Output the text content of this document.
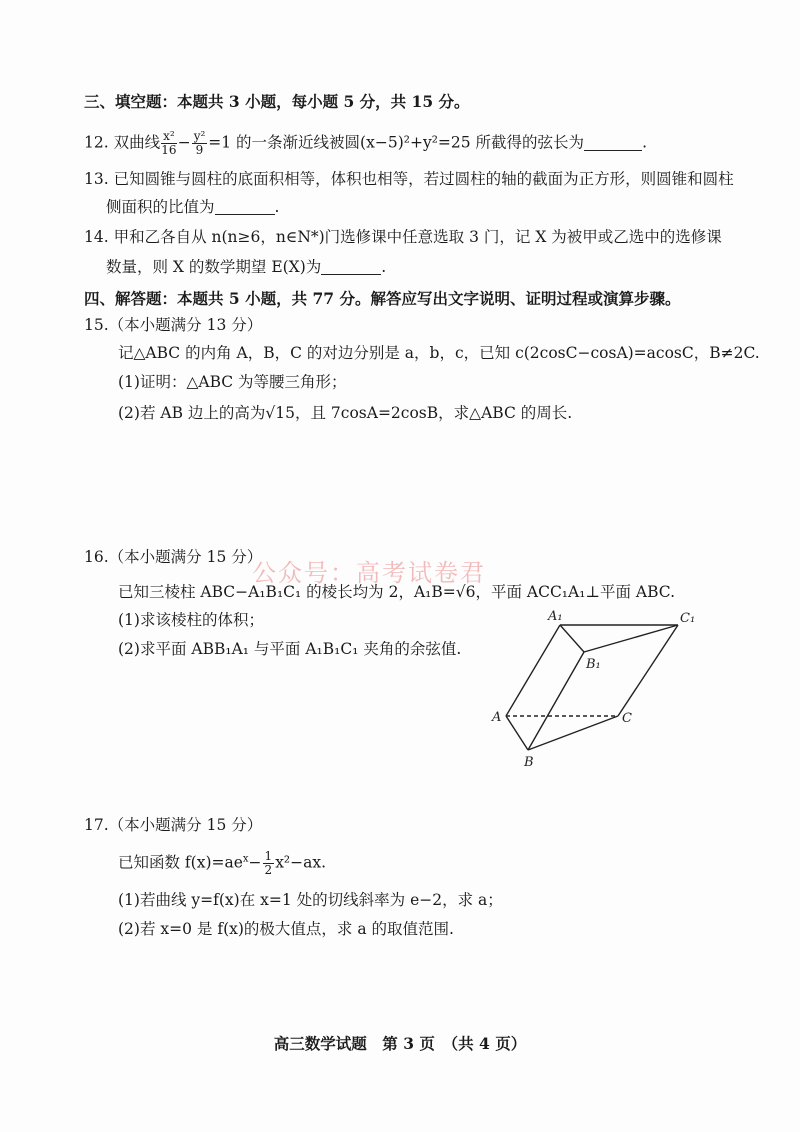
三、填空题：本题共 3 小题，每小题 5 分，共 15 分。
12. 双曲线 $\frac{\text{x²}}{16} - \frac{\text{y²}}{9} =1$ 的一条渐近线被圆(x−5)²+y²=25 所截得的弦长为	.
13. 已知圆锥与圆柱的底面积相等，体积也相等，若过圆柱的轴的截面为正方形，则圆锥和圆柱
侧面积的比值为	.
14. 甲和乙各自从 n(n≥6，n∈N*)门选修课中任意选取 3 门，记 X 为被甲或乙选中的选修课
数量，则 X 的数学期望 E(X)为	.
四、解答题：本题共 5 小题，共 77 分。解答应写出文字说明、证明过程或演算步骤。
15.（本小题满分 13 分）
记△ABC 的内角 A，B，C 的对边分别是 a，b，c，已知 c(2cosC−cosA)=acosC，B≠2C.
(1)证明：△ABC 为等腰三角形；
(2)若 AB 边上的高为√15，且 7cosA=2cosB，求△ABC 的周长.
16.（本小题满分 15 分）
公众号：高考试卷君
已知三棱柱 ABC−A₁B₁C₁ 的棱长均为 2，A₁B=√6，平面 ACC₁A₁⊥平面 ABC.
(1)求该棱柱的体积；
(2)求平面 ABB₁A₁ 与平面 A₁B₁C₁ 夹角的余弦值.
A₁	C₁
B₁
A	C
B
17.（本小题满分 15 分）
已知函数 $f(x)=ae^x- \frac{1}{2} x^2-ax$.
(1)若曲线 y=f(x)在 x=1 处的切线斜率为 e−2，求 a；
(2)若 x=0 是 f(x)的极大值点，求 a 的取值范围.
高三数学试题　第 3 页　（共 4 页）
